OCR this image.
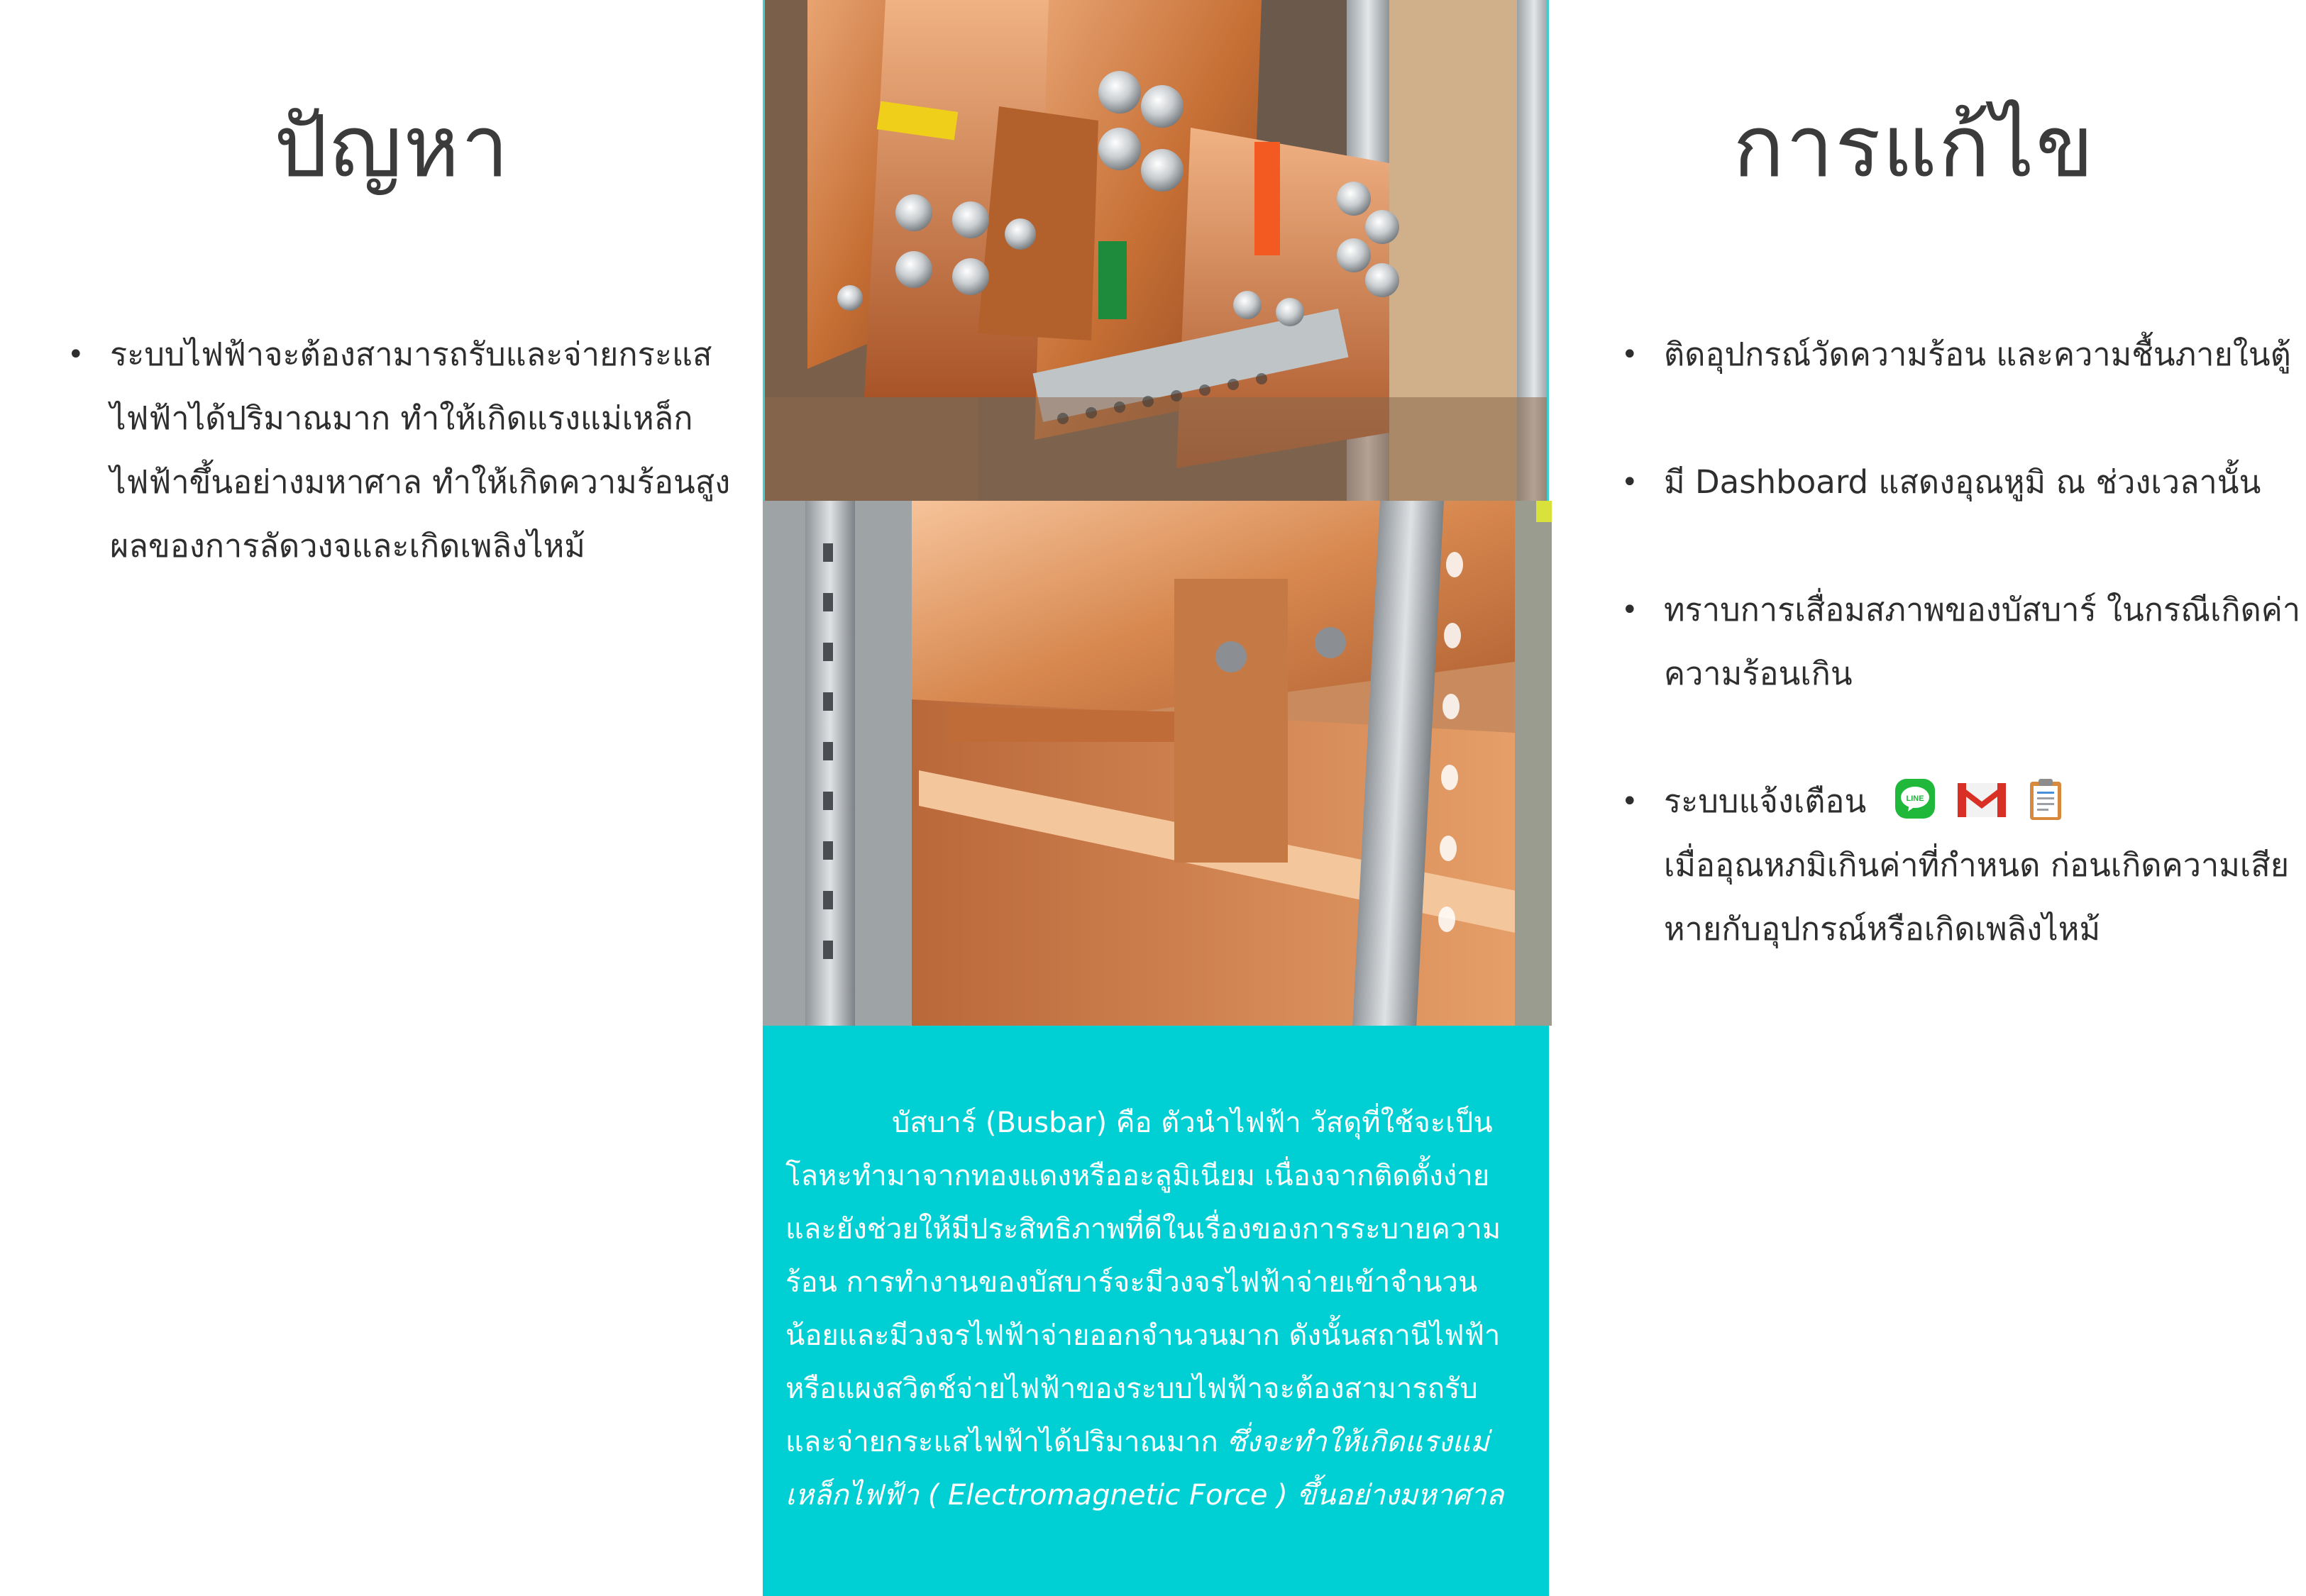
ปัญหา
• ระบบไฟฟ้าจะต้องสามารถรับและจ่ายกระแสไฟฟ้าได้ปริมาณมาก ทำให้เกิดแรงแม่เหล็กไฟฟ้าขึ้นอย่างมหาศาล ทำให้เกิดความร้อนสูง ผลของการลัดวงจและเกิดเพลิงไหม้

บัสบาร์ (Busbar) คือ ตัวนำไฟฟ้า วัสดุที่ใช้จะเป็นโลหะทำมาจากทองแดงหรืออะลูมิเนียม เนื่องจากติดตั้งง่ายและยังช่วยให้มีประสิทธิภาพที่ดีในเรื่องของการระบายความร้อน การทำงานของบัสบาร์จะมีวงจรไฟฟ้าจ่ายเข้าจำนวนน้อยและมีวงจรไฟฟ้าจ่ายออกจำนวนมาก ดังนั้นสถานีไฟฟ้าหรือแผงสวิตช์จ่ายไฟฟ้าของระบบไฟฟ้าจะต้องสามารถรับและจ่ายกระแสไฟฟ้าได้ปริมาณมาก ซึ่งจะทำให้เกิดแรงแม่เหล็กไฟฟ้า ( Electromagnetic Force ) ขึ้นอย่างมหาศาล

การแก้ไข
• ติดอุปกรณ์วัดความร้อน และความชื้นภายในตู้
• มี Dashboard แสดงอุณหูมิ ณ ช่วงเวลานั้น
• ทราบการเสื่อมสภาพของบัสบาร์ ในกรณีเกิดค่าความร้อนเกิน
• ระบบแจ้งเตือน	LINE

เมื่ออุณหภมิเกินค่าที่กำหนด ก่อนเกิดความเสียหายกับอุปกรณ์หรือเกิดเพลิงไหม้
